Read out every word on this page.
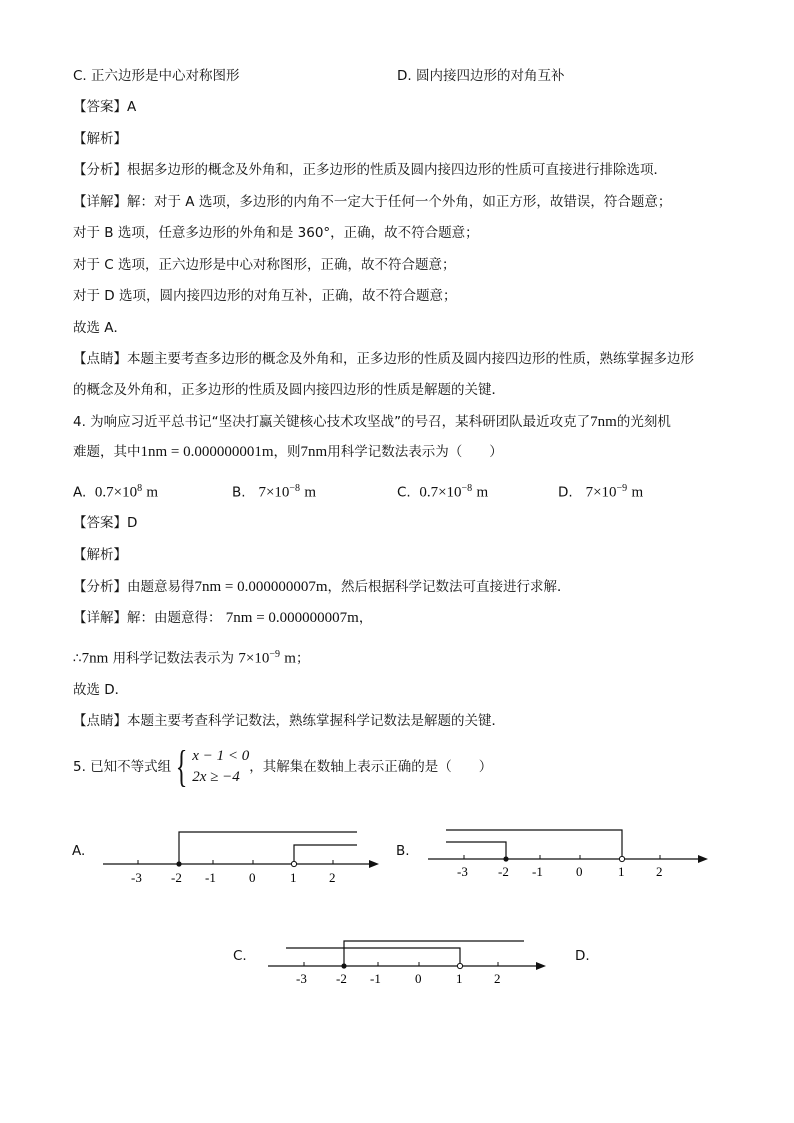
C. 正六边形是中心对称图形	D. 圆内接四边形的对角互补
【答案】A
【解析】
【分析】根据多边形的概念及外角和，正多边形的性质及圆内接四边形的性质可直接进行排除选项．
【详解】解：对于 A 选项，多边形的内角不一定大于任何一个外角，如正方形，故错误，符合题意；
对于 B 选项，任意多边形的外角和是 360°，正确，故不符合题意；
对于 C 选项，正六边形是中心对称图形，正确，故不符合题意；
对于 D 选项，圆内接四边形的对角互补，正确，故不符合题意；
故选 A．
【点睛】本题主要考查多边形的概念及外角和，正多边形的性质及圆内接四边形的性质，熟练掌握多边形
的概念及外角和，正多边形的性质及圆内接四边形的性质是解题的关键．
4. 为响应习近平总书记“坚决打赢关键核心技术攻坚战”的号召，某科研团队最近攻克了7nm的光刻机
难题，其中1nm = 0.000000001m，则7nm用科学记数法表示为（　　）
A. $0.7\times 10^8$ m	B. $7\times 10^{-8}$ m	C. $0.7\times 10^{-8}$ m	D. $7\times 10^{-9}$ m
【答案】D
【解析】
【分析】由题意易得7nm = 0.000000007m，然后根据科学记数法可直接进行求解．
【详解】解：由题意得： 7nm = 0.000000007m，
∴7nm 用科学记数法表示为 $7\times 10^{-9}$ m；
故选 D．
【点睛】本题主要考查科学记数法，熟练掌握科学记数法是解题的关键．
5. 已知不等式组 { x − 1 < 0
2x ≥ −4
，其解集在数轴上表示正确的是（　　）
A.
-3 -2 -1	0	1	2
B.
-3 -2 -1	0	1 2
C.
-3 -2 -1	0	1 2
D.
